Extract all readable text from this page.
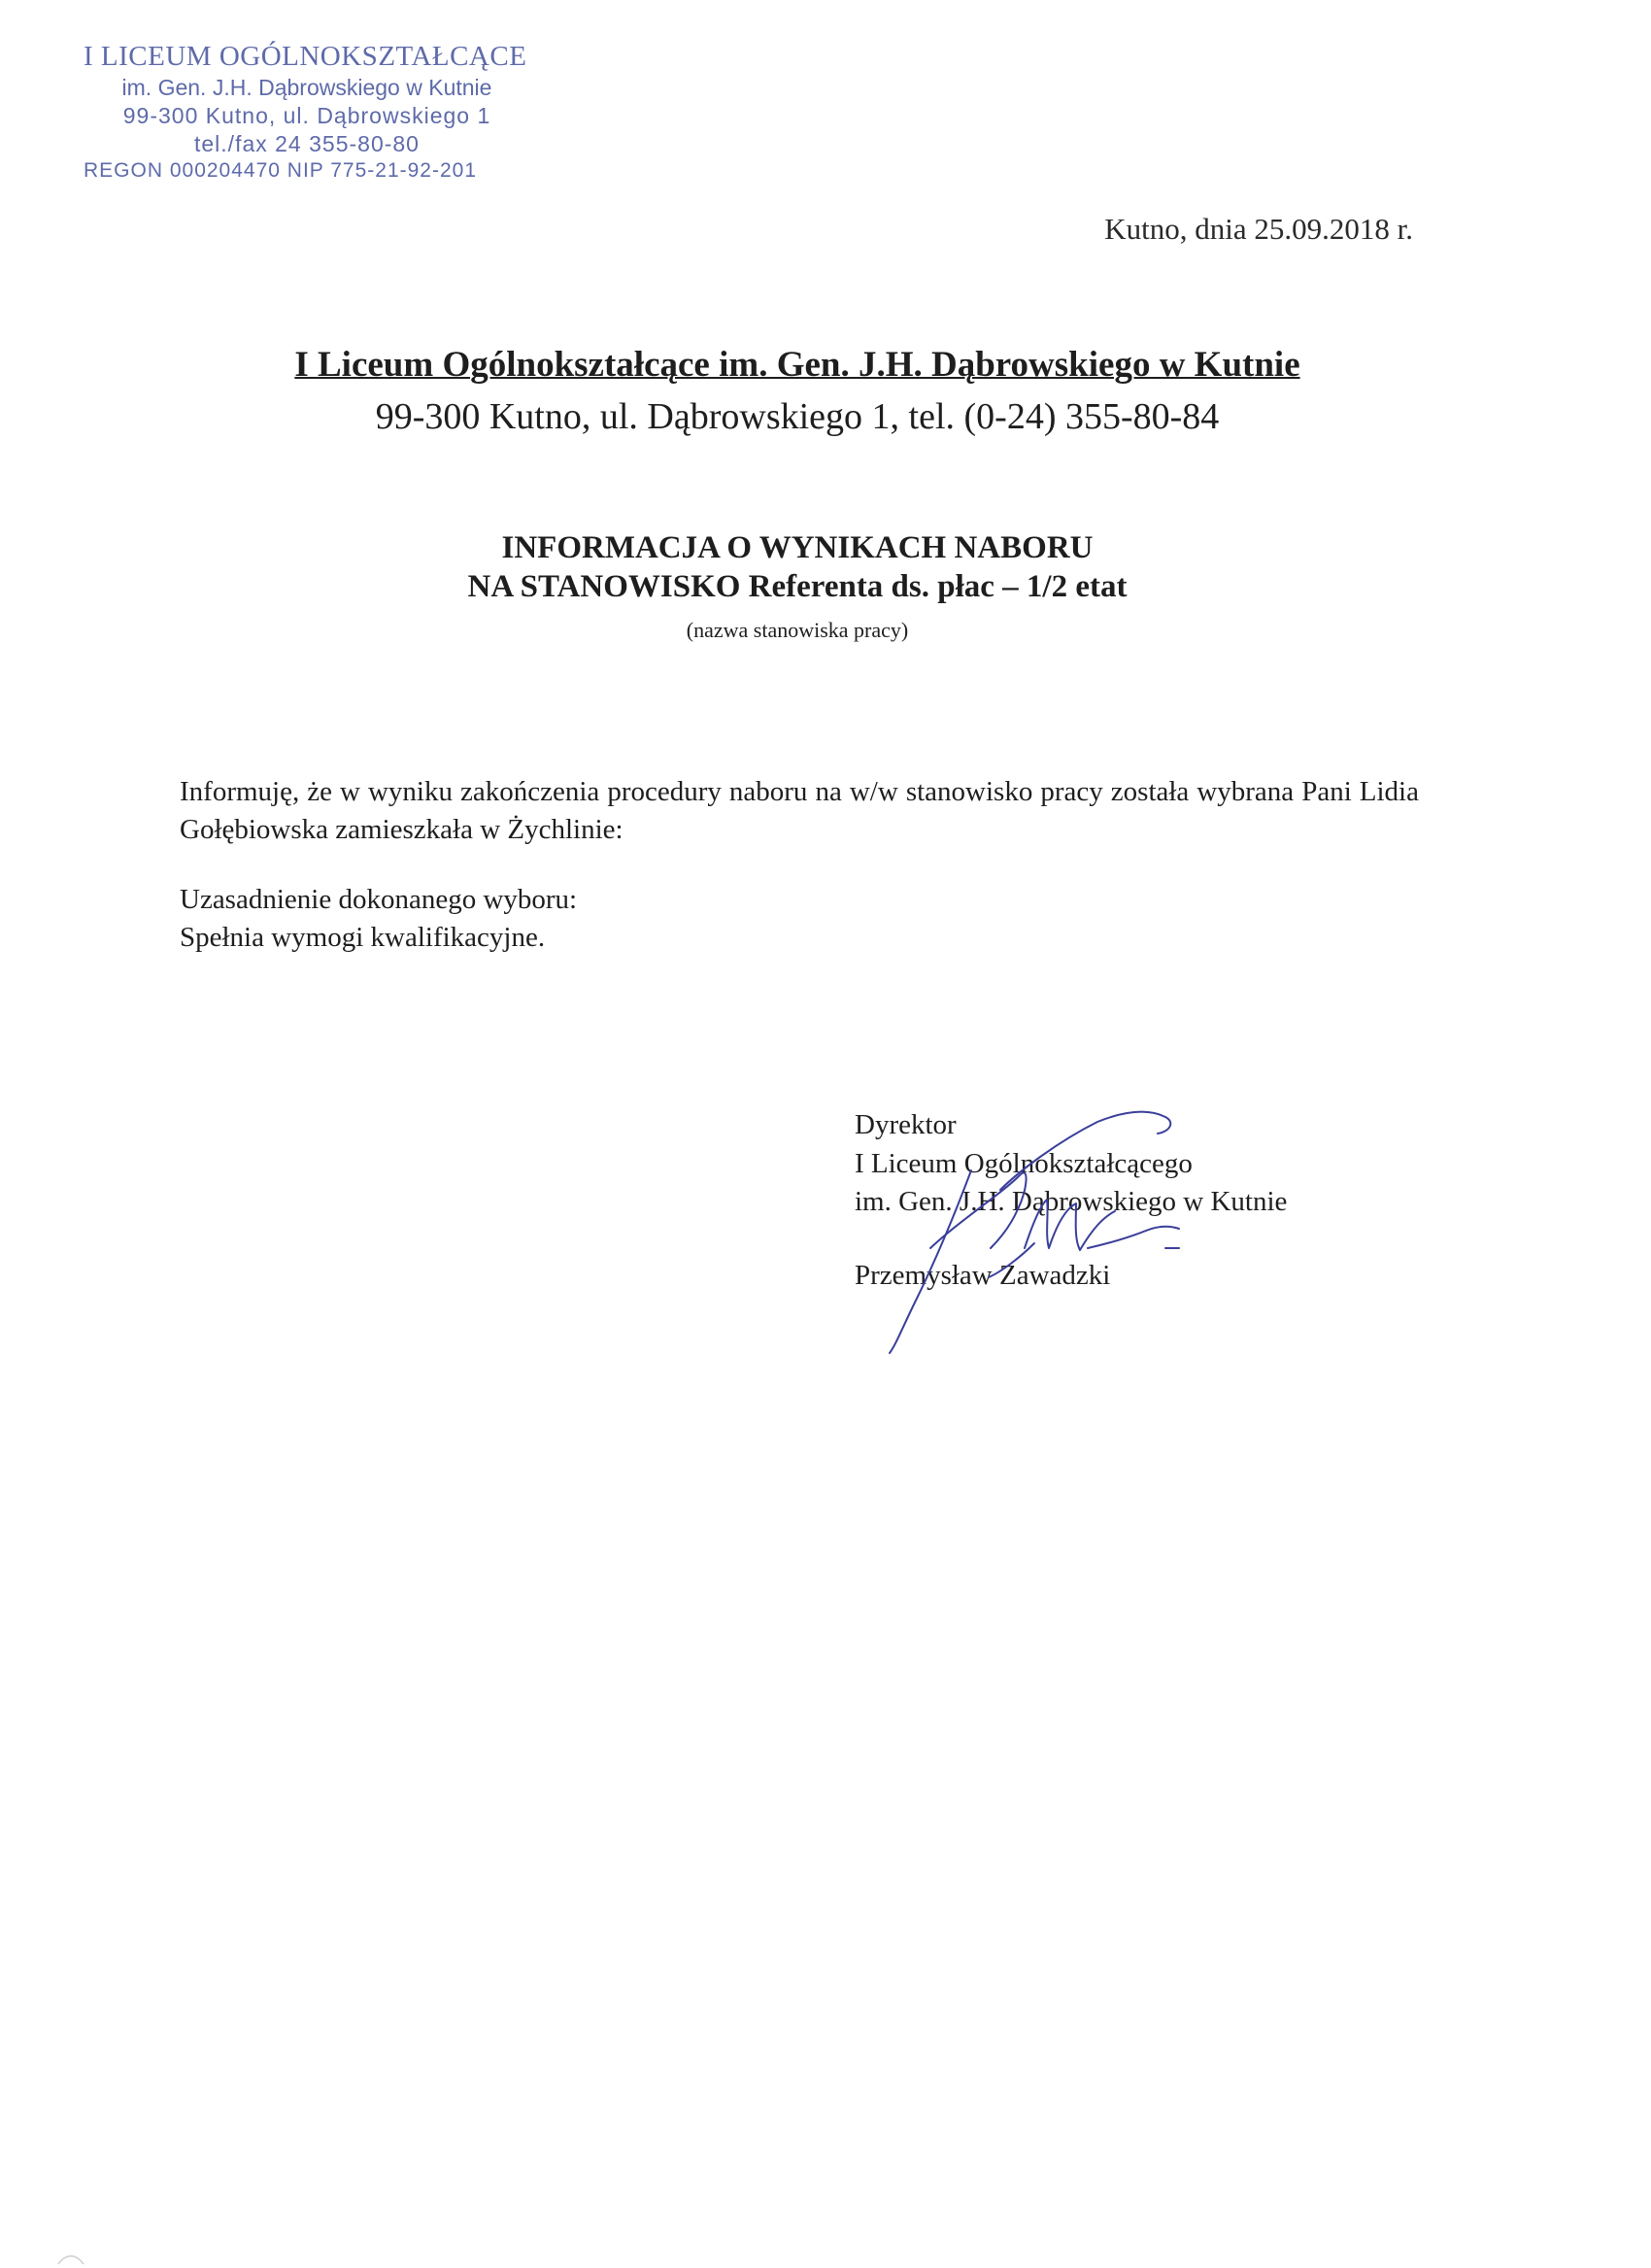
I LICEUM OGÓLNOKSZTAŁCĄCE
im. Gen. J.H. Dąbrowskiego w Kutnie
99-300 Kutno, ul. Dąbrowskiego 1
tel./fax 24 355-80-80
REGON 000204470 NIP 775-21-92-201
Kutno, dnia 25.09.2018 r.
I Liceum Ogólnokształcące im. Gen. J.H. Dąbrowskiego w Kutnie
99-300 Kutno, ul. Dąbrowskiego 1, tel. (0-24) 355-80-84
INFORMACJA O WYNIKACH NABORU
NA STANOWISKO Referenta ds. płac – 1/2 etat
(nazwa stanowiska pracy)
Informuję, że w wyniku zakończenia procedury naboru na w/w stanowisko pracy została wybrana Pani Lidia Gołębiowska zamieszkała w Żychlinie:
Uzasadnienie dokonanego wyboru:
Spełnia wymogi kwalifikacyjne.
Dyrektor
I Liceum Ogólnokształcącego
im. Gen. J.H. Dąbrowskiego w Kutnie
Przemysław Zawadzki
